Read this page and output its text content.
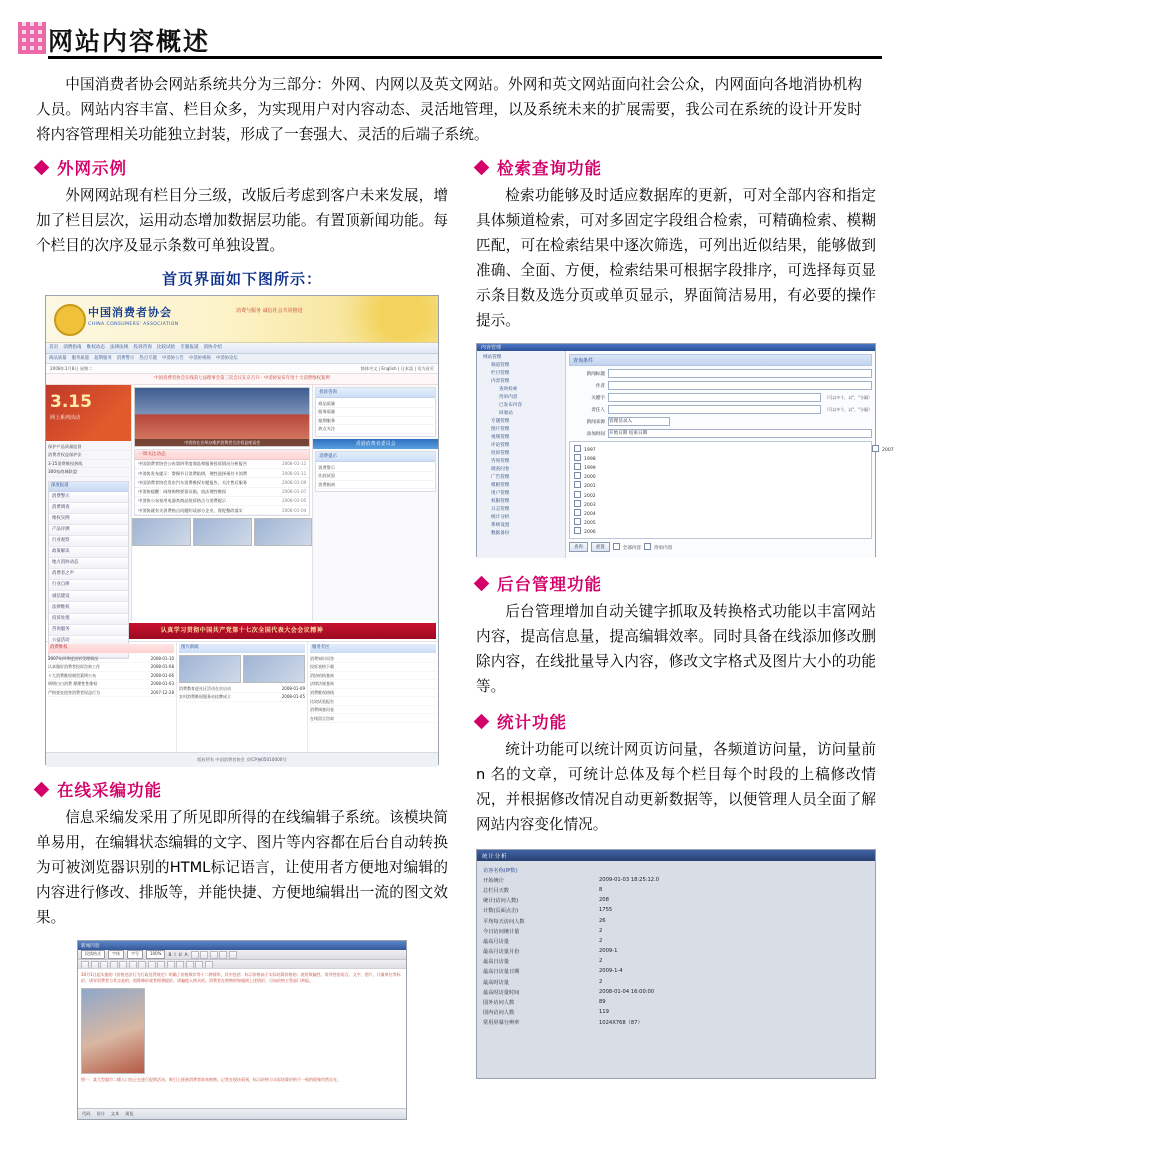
网站内容概述
中国消费者协会网站系统共分为三部分：外网、内网以及英文网站。外网和英文网站面向社会公众，内网面向各地消协机构人员。网站内容丰富、栏目众多，为实现用户对内容动态、灵活地管理，以及系统未来的扩展需要，我公司在系统的设计开发时将内容管理相关功能独立封装，形成了一套强大、灵活的后端子系统。
外网示例
外网网站现有栏目分三级，改版后考虑到客户未来发展，增加了栏目层次，运用动态增加数据层功能。有置顶新闻功能。每个栏目的次序及显示条数可单独设置。
首页界面如下图所示：
中国消费者协会
CHINA CONSUMERS' ASSOCIATION
消费与服务 诚信社会共同推进
首页 消费指南 维权动态 法律法规 投诉咨询 比较试验 专题报道 消协介绍
商品质量 服务质量 超期服务 消费警示 热点专题 中消协公告 中消协视频 中消协论坛
2008年1月8日 星期二	简体中文 | English | 日本語 | 设为首页
中国消费者协会在线第七届理事会第三次会议在京召开 · 中消协发布年度十大消费维权案例
3.15
网上系列活动
保护产品质量监督
消费者权益保护法
3·15消费维权热线
300家商城联盟
深度报道
消费警示
消费调查
维权实例
产品评测
行业观察
政策解读
地方消协动态
消费者之声
行业自律
诚信建设
法律维权
投诉处理
咨询服务
公益活动
中消协在京举办维护消费者合法权益座谈会
一周关注动态
中国消费者协会公布第四季度商品和服务投诉情况分析报告	2008-01-11
中消协发布提示：警惕节日消费陷阱，理性选择预付卡消费	2008-01-11
中国消费者协会发布汽车消费维权专题报告，关注售后服务	2008-01-09
中消协提醒：网络购物要留证据，依法理性维权	2008-01-07
中消协公布家用电器类商品投诉热点与消费提示	2008-01-05
中消协就有关消费热点问题约谈部分企业，督促整改落实	2008-01-04
投诉咨询
商品质量
服务质量
超期服务
热点关注
香港消费者委员会
消费提示
消费警示
比较试验
消费指南
认真学习贯彻中国共产党第十七次全国代表大会会议精神
消费维权
2007年四季度投诉受理情况	2008-01-10
认真做好消费者投诉咨询工作	2008-01-08
十大消费维权典型案例公布	2008-01-06
明明白白消费 理理性性维权	2008-01-03
严格查处侵害消费者权益行为	2007-12-28
图片新闻
消费教育进社区活动在京启动	2008-01-09
农村消费维权服务站挂牌成立	2008-01-05
服务专区
消费知识问答
投诉表格下载
消协机构查询
法律法规查询
消费维权热线
比较试验报告
消费调查问卷
在线留言咨询
版权所有 中国消费者协会 京ICP备05010000号
在线采编功能
信息采编发采用了所见即所得的在线编辑子系统。该模块简单易用，在编辑状态编辑的文字、图片等内容都在后台自动转换为可被浏览器识别的HTML标记语言，让使用者方便地对编辑的内容进行修改、排版等，并能快捷、方便地编辑出一流的图文效果。
新闻内容
段落格式	字体	字号	100%	B I U A
10月1日起实施的《价格违法行为行政处罚规定》明确了价格欺诈等十二种情形，其中包括：标示价格高于实际结算价格的；使用欺骗性、误导性的语言、文字、图片、计量单位等标价，诱导消费者与其交易的；谎称降价或者即将提价，诱骗他人购买的。消费者在购物时如遇到上述情形，可向价格主管部门举报。
图一：某大型超市二楼入口处正在进行促销活动，吸引上班族消费者前来购物。记者在现场看到，标示价格与实际结算价格不一致的现象仍然存在。
代码 设计 文本 预览
检索查询功能
检索功能够及时适应数据库的更新，可对全部内容和指定具体频道检索，可对多固定字段组合检索，可精确检索、模糊匹配，可在检索结果中逐次筛选，可列出近似结果，能够做到准确、全面、方便，检索结果可根据字段排序，可选择每页显示条目数及选分页或单页显示，界面简洁易用，有必要的操作提示。
内容管理
网站管理
频道管理
栏目管理
内容管理
查询检索
待审内容
已发布内容
回收站
专题管理
图片管理
视频管理
评论管理
投诉管理
咨询管理
调查问卷
广告管理
模板管理
用户管理
权限管理
日志管理
统计分析
系统设置
数据备份
查询条件
新闻标题
作者
关键字	（可以多个，以"，"分隔）
责任人	（可以多个，以"，"分隔）
新闻来源 管理员录入
添加时间 开始日期 结束日期
1997
1998
1999
2000
2001
2002
2003
2004
2005
2006
2007
查询	重置	全部内容	待审内容
后台管理功能
后台管理增加自动关键字抓取及转换格式功能以丰富网站内容，提高信息量，提高编辑效率。同时具备在线添加修改删除内容，在线批量导入内容，修改文字格式及图片大小的功能等。
统计功能
统计功能可以统计网页访问量，各频道访问量，访问量前 n 名的文章，可统计总体及每个栏目每个时段的上稿修改情况，并根据修改情况自动更新数据等，以便管理人员全面了解网站内容变化情况。
统计分析
访客名称(IP数)
开始统计	2009-01-03 18:25:12.0
总栏目天数	8
统计(访问人数)	208
计数(页面点击)	1755
平均每天访问人数	26
今日访问统计量	2
最高月访量	2
最高月访量月份	2009-1
最高日访量	2
最高日访量日期	2009-1-4
最高时访量	2
最高时访量时间	2008-01-04 16:00:00
国外访问人数	89
国内访问人数	119
常用屏幕分辨率	1024X768（87）
